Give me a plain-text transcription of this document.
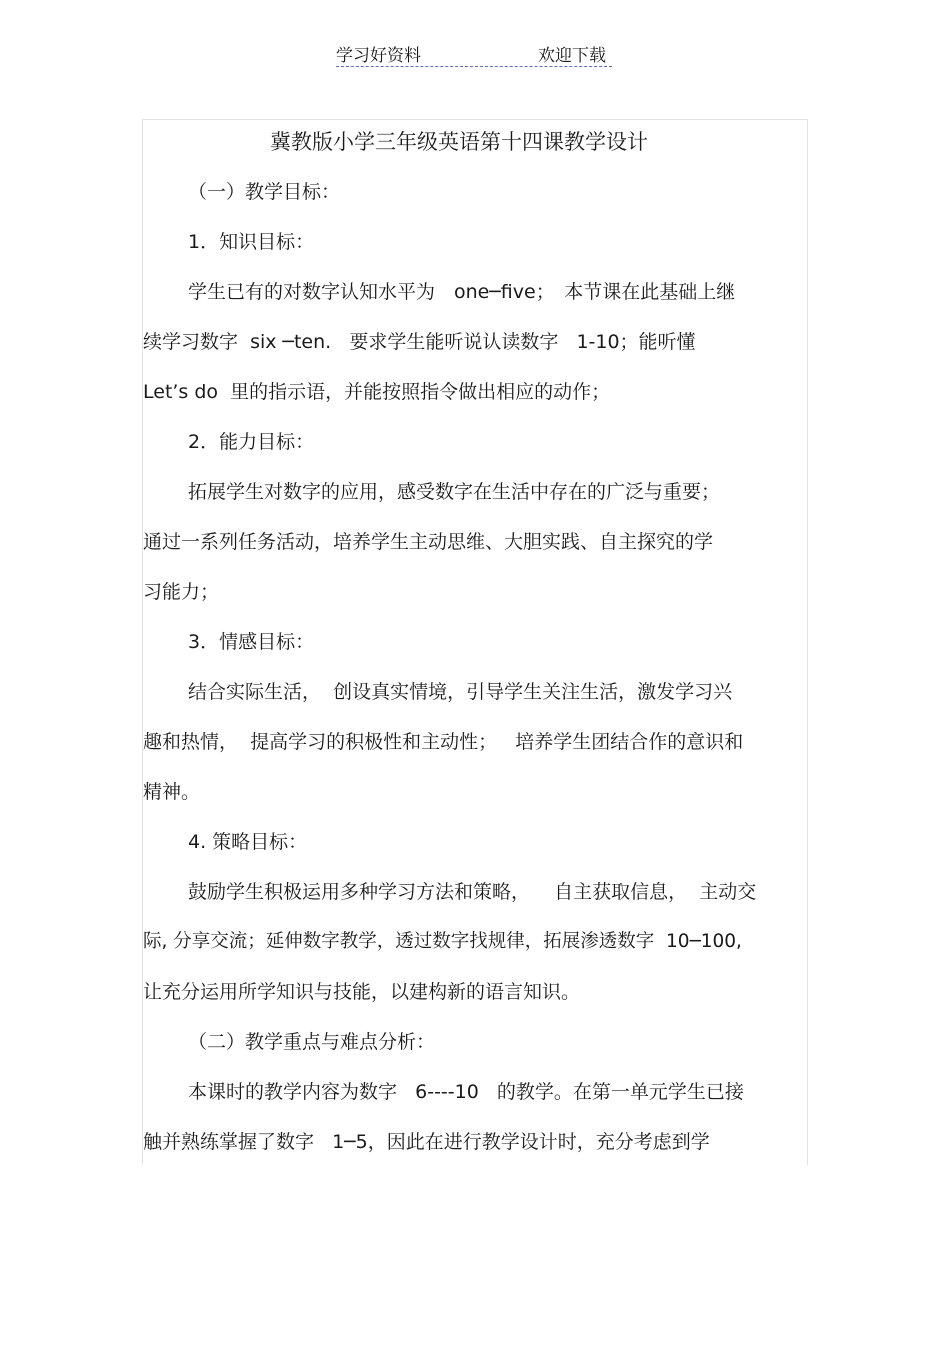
学习好资料	欢迎下载
冀教版小学三年级英语第十四课教学设计
（一）教学目标：
1．知识目标：
学生已有的对数字认知水平为　one─five；　本节课在此基础上继
续学习数字  six ─ten.   要求学生能听说认读数字   1-10；能听懂
Let’s do  里的指示语，并能按照指令做出相应的动作；
2．能力目标：
拓展学生对数字的应用，感受数字在生活中存在的广泛与重要；
通过一系列任务活动，培养学生主动思维、大胆实践、自主探究的学
习能力；
3．情感目标：
结合实际生活，  创设真实情境，引导学生关注生活，激发学习兴
趣和热情，  提高学习的积极性和主动性；   培养学生团结合作的意识和
精神。
4. 策略目标：
鼓励学生积极运用多种学习方法和策略，    自主获取信息，  主动交
际, 分享交流；延伸数字教学，透过数字找规律，拓展渗透数字  10─100,
让充分运用所学知识与技能，以建构新的语言知识。
（二）教学重点与难点分析：
本课时的教学内容为数字   6----10   的教学。在第一单元学生已接
触并熟练掌握了数字   1─5，因此在进行教学设计时，充分考虑到学
